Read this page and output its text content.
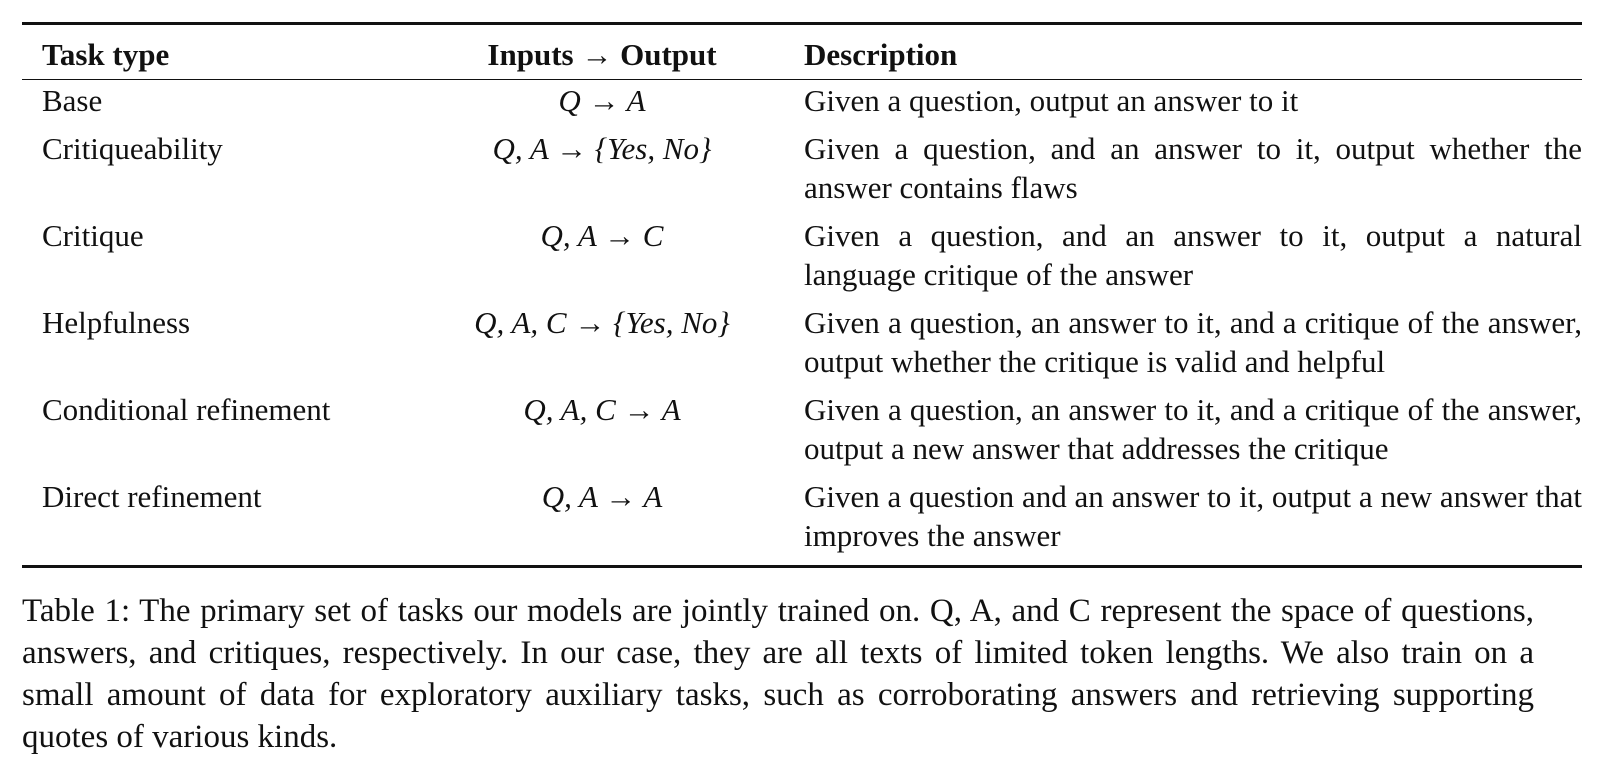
Task type	Inputs → Output	Description
Base	Q → A	Given a question, output an answer to it
Critiqueability	Q, A → {Yes, No}	Given a question, and an answer to it, output whether the answer contains flaws
Critique	Q, A → C	Given a question, and an answer to it, output a natural language critique of the answer
Helpfulness	Q, A, C → {Yes, No}	Given a question, an answer to it, and a critique of the answer, output whether the critique is valid and helpful
Conditional refinement	Q, A, C → A	Given a question, an answer to it, and a critique of the answer, output a new answer that addresses the critique
Direct refinement	Q, A → A	Given a question and an answer to it, output a new answer that improves the answer

Table 1: The primary set of tasks our models are jointly trained on. Q, A, and C represent the space of questions, answers, and critiques, respectively. In our case, they are all texts of limited token lengths. We also train on a small amount of data for exploratory auxiliary tasks, such as corroborating answers and retrieving supporting quotes of various kinds.
